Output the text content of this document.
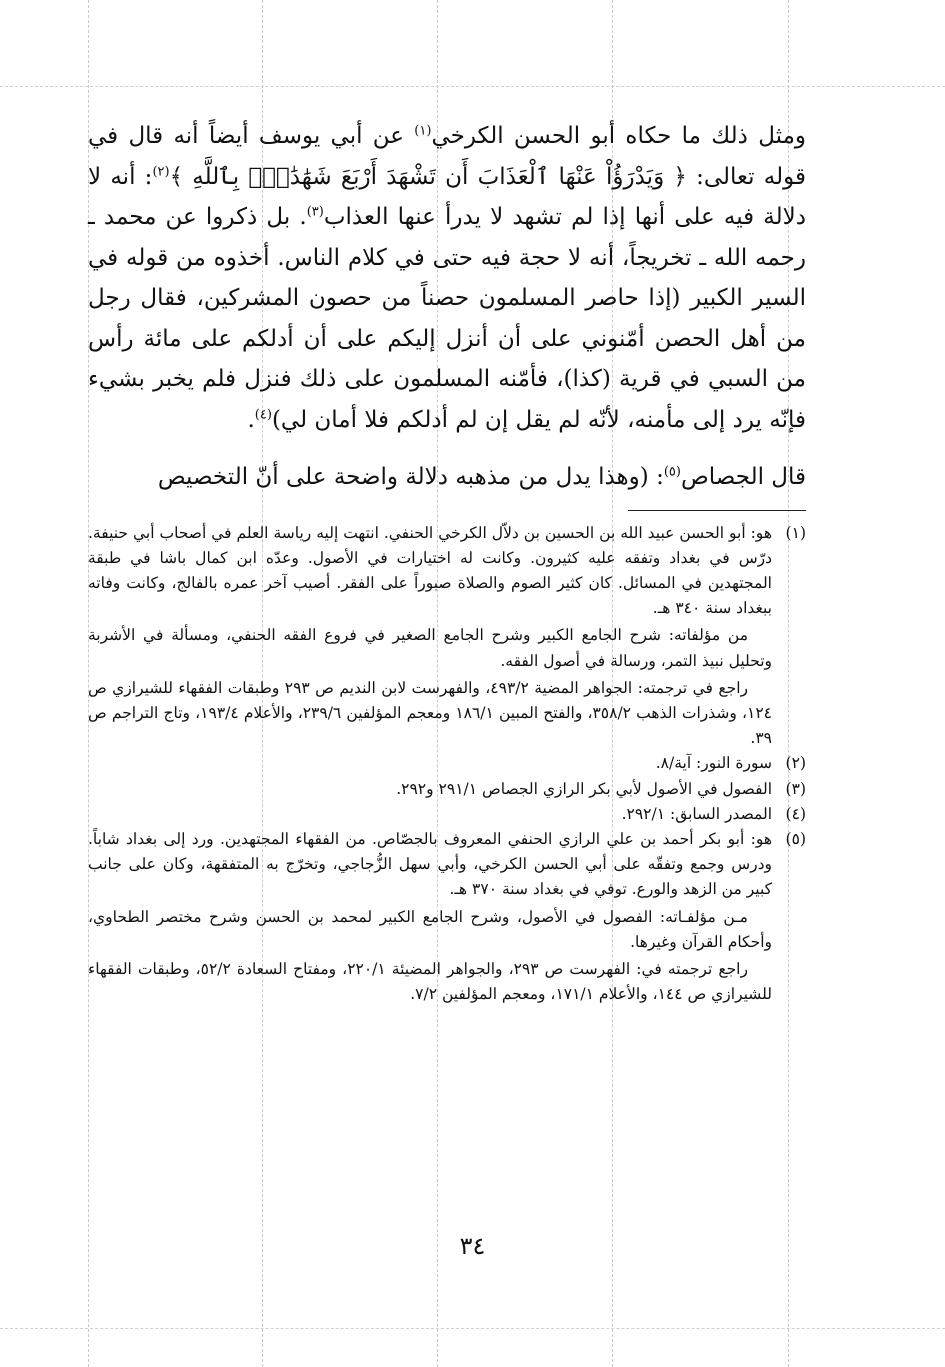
ومثل ذلك ما حكاه أبو الحسن الكرخي$^{(١)}$ عن أبي يوسف أيضاً أنه قال في قوله تعالى: ﴿ وَيَدْرَؤُاْ عَنْهَا ٱلْعَذَابَ أَن تَشْهَدَ أَرْبَعَ شَهَٰدَٰتٍۭ بِٱللَّهِ ﴾$^{(٢)}$: أنه لا دلالة فيه على أنها إذا لم تشهد لا يدرأ عنها العذاب$^{(٣)}$. بل ذكروا عن محمد ـ رحمه الله ـ تخريجاً، أنه لا حجة فيه حتى في كلام الناس. أخذوه من قوله في السير الكبير (إذا حاصر المسلمون حصناً من حصون المشركين، فقال رجل من أهل الحصن أمّنوني على أن أنزل إليكم على أن أدلكم على مائة رأس من السبي في قرية (كذا)، فأمّنه المسلمون على ذلك فنزل فلم يخبر بشيء فإنّه يرد إلى مأمنه، لأنّه لم يقل إن لم أدلكم فلا أمان لي)$^{(٤)}$.

قال الجصاص$^{(٥)}$: (وهذا يدل من مذهبه دلالة واضحة على أنّ التخصيص

(١)
هو: أبو الحسن عبيد الله بن الحسين بن دلاّل الكرخي الحنفي. انتهت إليه رياسة العلم في أصحاب أبي حنيفة. درّس في بغداد وتفقه عليه كثيرون. وكانت له اختيارات في الأصول. وعدّه ابن كمال باشا في طبقة المجتهدين في المسائل. كان كثير الصوم والصلاة صبوراً على الفقر. أصيب آخر عمره بالفالج، وكانت وفاته ببغداد سنة ٣٤٠ هـ.
من مؤلفاته: شرح الجامع الكبير وشرح الجامع الصغير في فروع الفقه الحنفي، ومسألة في الأشربة وتحليل نبيذ التمر، ورسالة في أصول الفقه.
راجع في ترجمته: الجواهر المضية ٤٩٣/٢، والفهرست لابن النديم ص ٢٩٣ وطبقات الفقهاء للشيرازي ص ١٢٤، وشذرات الذهب ٣٥٨/٢، والفتح المبين ١٨٦/١ ومعجم المؤلفين ٢٣٩/٦، والأعلام ١٩٣/٤، وتاج التراجم ص ٣٩.
(٢)
سورة النور: آية/٨.
(٣)
الفصول في الأصول لأبي بكر الرازي الجصاص ٢٩١/١ و٢٩٢.
(٤)
المصدر السابق: ٢٩٢/١.
(٥)
هو: أبو بكر أحمد بن علي الرازي الحنفي المعروف بالجصّاص. من الفقهاء المجتهدين. ورد إلى بغداد شاباً. ودرس وجمع وتفقّه على أبي الحسن الكرخي، وأبي سهل الزُّجاجي، وتخرّج به المتفقهة، وكان على جانب كبير من الزهد والورع. توفي في بغداد سنة ٣٧٠ هـ.
مـن مؤلفـاته: الفصول في الأصول، وشرح الجامع الكبير لمحمد بن الحسن وشرح مختصر الطحاوي، وأحكام القرآن وغيرها.
راجع ترجمته في: الفهرست ص ٢٩٣، والجواهر المضيئة ٢٢٠/١، ومفتاح السعادة ٥٢/٢، وطبقات الفقهاء للشيرازي ص ١٤٤، والأعلام ١٧١/١، ومعجم المؤلفين ٧/٢.
٣٤
